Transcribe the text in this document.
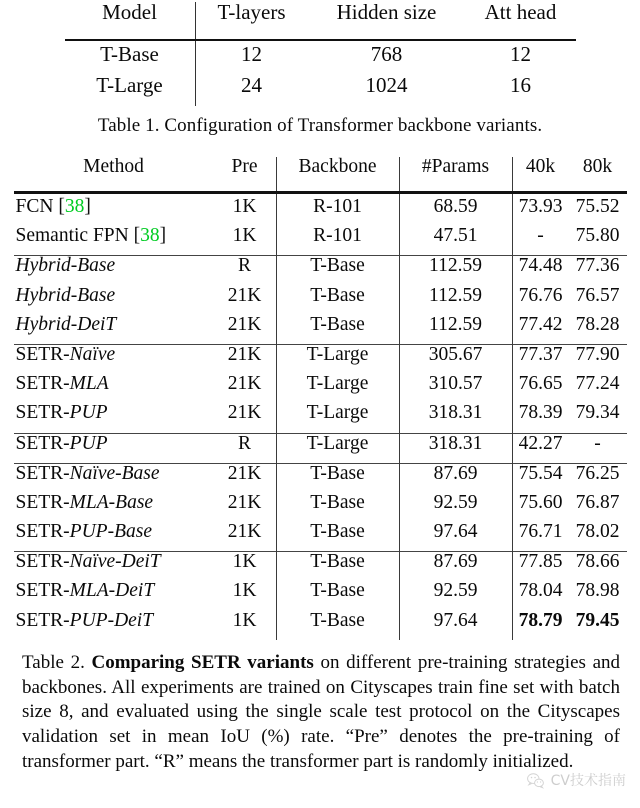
Model	T-layers	Hidden size	Att head
T-Base	12	768	12
T-Large	24	1024	16
Table 1. Configuration of Transformer backbone variants.
Method	Pre	Backbone	#Params	40k	80k
FCN [38]	1K	R-101	68.59	73.93	75.52
Semantic FPN [38]	1K	R-101	47.51	-	75.80
Hybrid-Base	R	T-Base	112.59	74.48	77.36
Hybrid-Base	21K	T-Base	112.59	76.76	76.57
Hybrid-DeiT	21K	T-Base	112.59	77.42	78.28
SETR-Naïve	21K	T-Large	305.67	77.37	77.90
SETR-MLA	21K	T-Large	310.57	76.65	77.24
SETR-PUP	21K	T-Large	318.31	78.39	79.34
SETR-PUP	R	T-Large	318.31	42.27	-
SETR-Naïve-Base	21K	T-Base	87.69	75.54	76.25
SETR-MLA-Base	21K	T-Base	92.59	75.60	76.87
SETR-PUP-Base	21K	T-Base	97.64	76.71	78.02
SETR-Naïve-DeiT	1K	T-Base	87.69	77.85	78.66
SETR-MLA-DeiT	1K	T-Base	92.59	78.04	78.98
SETR-PUP-DeiT	1K	T-Base	97.64	78.79	79.45

Table 2. Comparing SETR variants on different pre-training strategies and backbones. All experiments are trained on Cityscapes train fine set with batch size 8, and evaluated using the single scale test protocol on the Cityscapes validation set in mean IoU (%) rate. “Pre” denotes the pre-training of transformer part. “R” means the transformer part is randomly initialized.

CV技术指南
